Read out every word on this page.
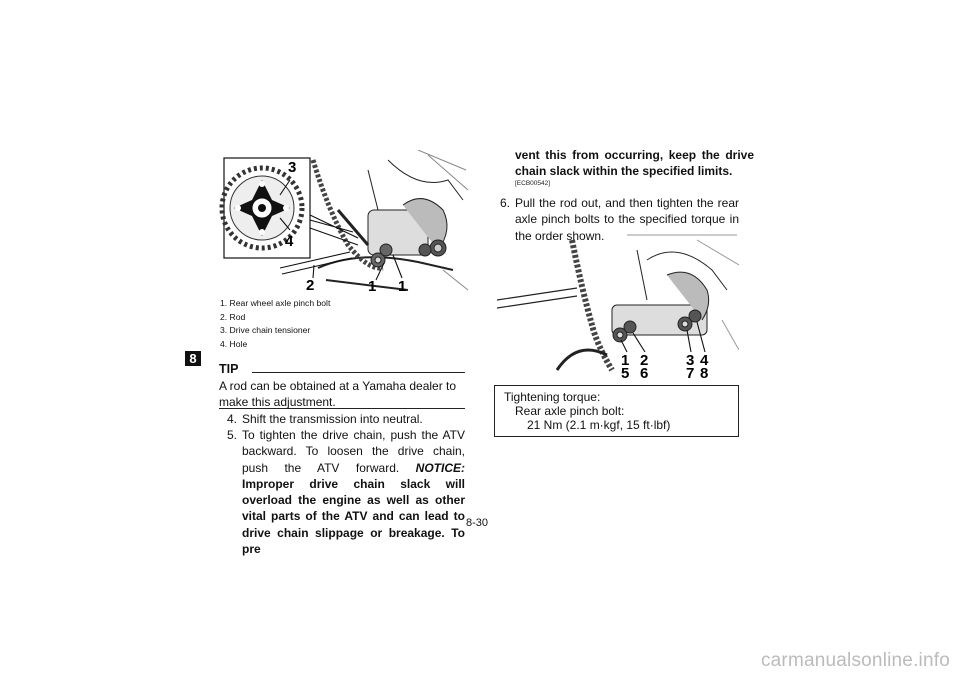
8
3
4
2	1 1
1. Rear wheel axle pinch bolt
2. Rod
3. Drive chain tensioner
4. Hole
TIP
A rod can be obtained at a Yamaha dealer to make this adjustment.
4. Shift the transmission into neutral.
5. To tighten the drive chain, push the ATV backward. To loosen the drive chain, push the ATV forward. NOTICE: Improper drive chain slack will overload the engine as well as other vital parts of the ATV and can lead to drive chain slippage or breakage. To pre
vent this from occurring, keep the drive chain slack within the specified limits.
[ECB00542]
6. Pull the rod out, and then tighten the rear axle pinch bolts to the specified torque in the order shown.
1 2	3 4
5 6	7 8
Tightening torque:
Rear axle pinch bolt:
21 Nm (2.1 m·kgf, 15 ft·lbf)
8-30
carmanualsonline.info
